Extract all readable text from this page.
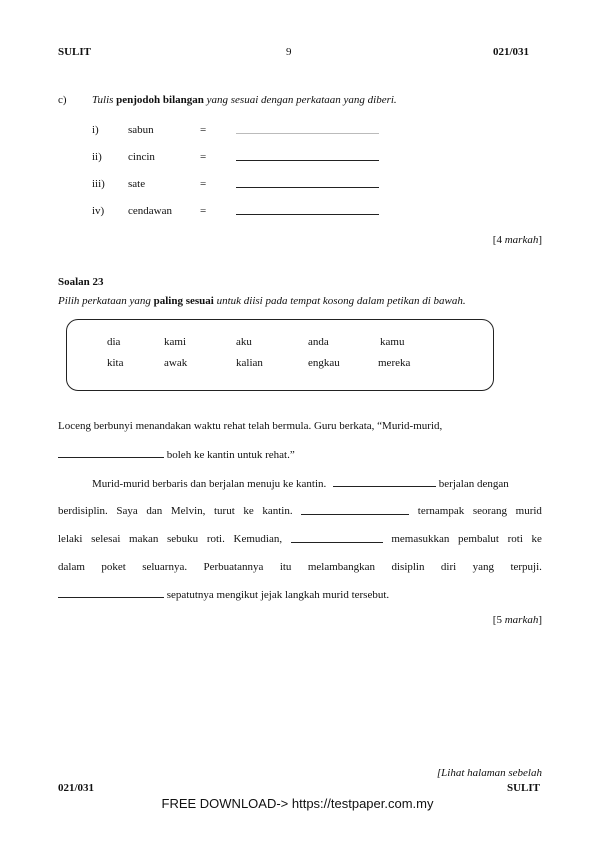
SULIT	9	021/031
c) Tulis penjodoh bilangan yang sesuai dengan perkataan yang diberi.
i)	sabun	=
ii) cincin	=
iii) sate	=
iv) cendawan	=
[4 markah]
Soalan 23
Pilih perkataan yang paling sesuai untuk diisi pada tempat kosong dalam petikan di bawah.
dia	kami	aku	anda	kamu
kita	awak	kalian	engkau	mereka
Loceng berbunyi menandakan waktu rehat telah bermula. Guru berkata, “Murid-murid,
boleh ke kantin untuk rehat.”
Murid-murid berbaris dan berjalan menuju ke kantin.	berjalan dengan
berdisiplin. Saya dan Melvin, turut ke kantin.	ternampak seorang murid
lelaki selesai makan sebuku roti. Kemudian,	memasukkan pembalut roti ke
dalam poket seluarnya. Perbuatannya itu melambangkan disiplin diri yang terpuji.
sepatutnya mengikut jejak langkah murid tersebut.
[5 markah]
[Lihat halaman sebelah
021/031	SULIT
FREE DOWNLOAD-> https://testpaper.com.my
